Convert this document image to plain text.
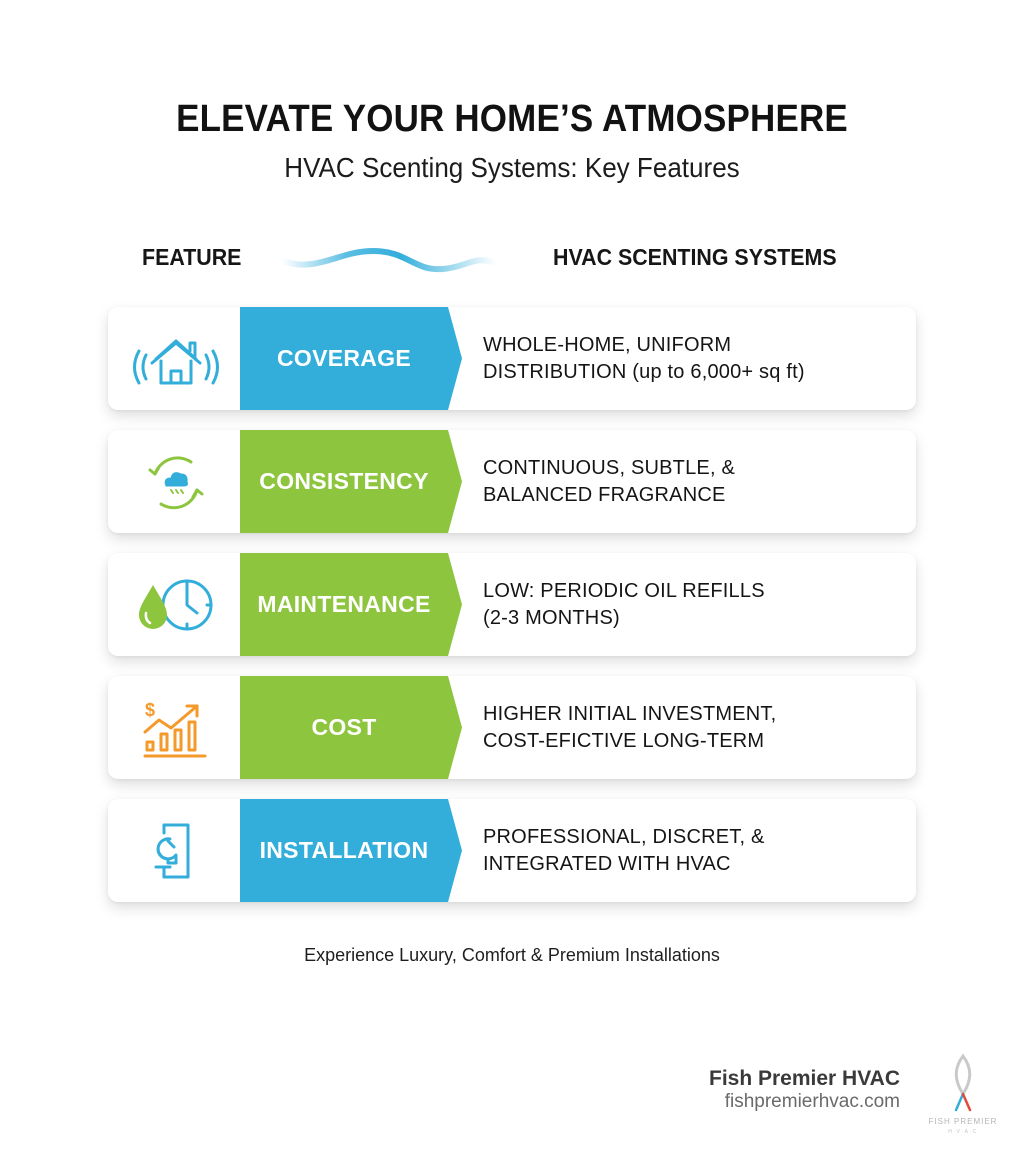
ELEVATE YOUR HOME’S ATMOSPHERE
HVAC Scenting Systems: Key Features
FEATURE	HVAC SCENTING SYSTEMS
COVERAGE
WHOLE-HOME, UNIFORM
DISTRIBUTION (up to 6,000+ sq ft)
CONSISTENCY
CONTINUOUS, SUBTLE, &
BALANCED FRAGRANCE
MAINTENANCE
LOW: PERIODIC OIL REFILLS
(2-3 MONTHS)
$
COST
HIGHER INITIAL INVESTMENT,
COST-EFICTIVE LONG-TERM
INSTALLATION
PROFESSIONAL, DISCRET, &
INTEGRATED WITH HVAC
Experience Luxury, Comfort & Premium Installations
Fish Premier HVAC
fishpremierhvac.com
FISH PREMIER
H·V·A·C
